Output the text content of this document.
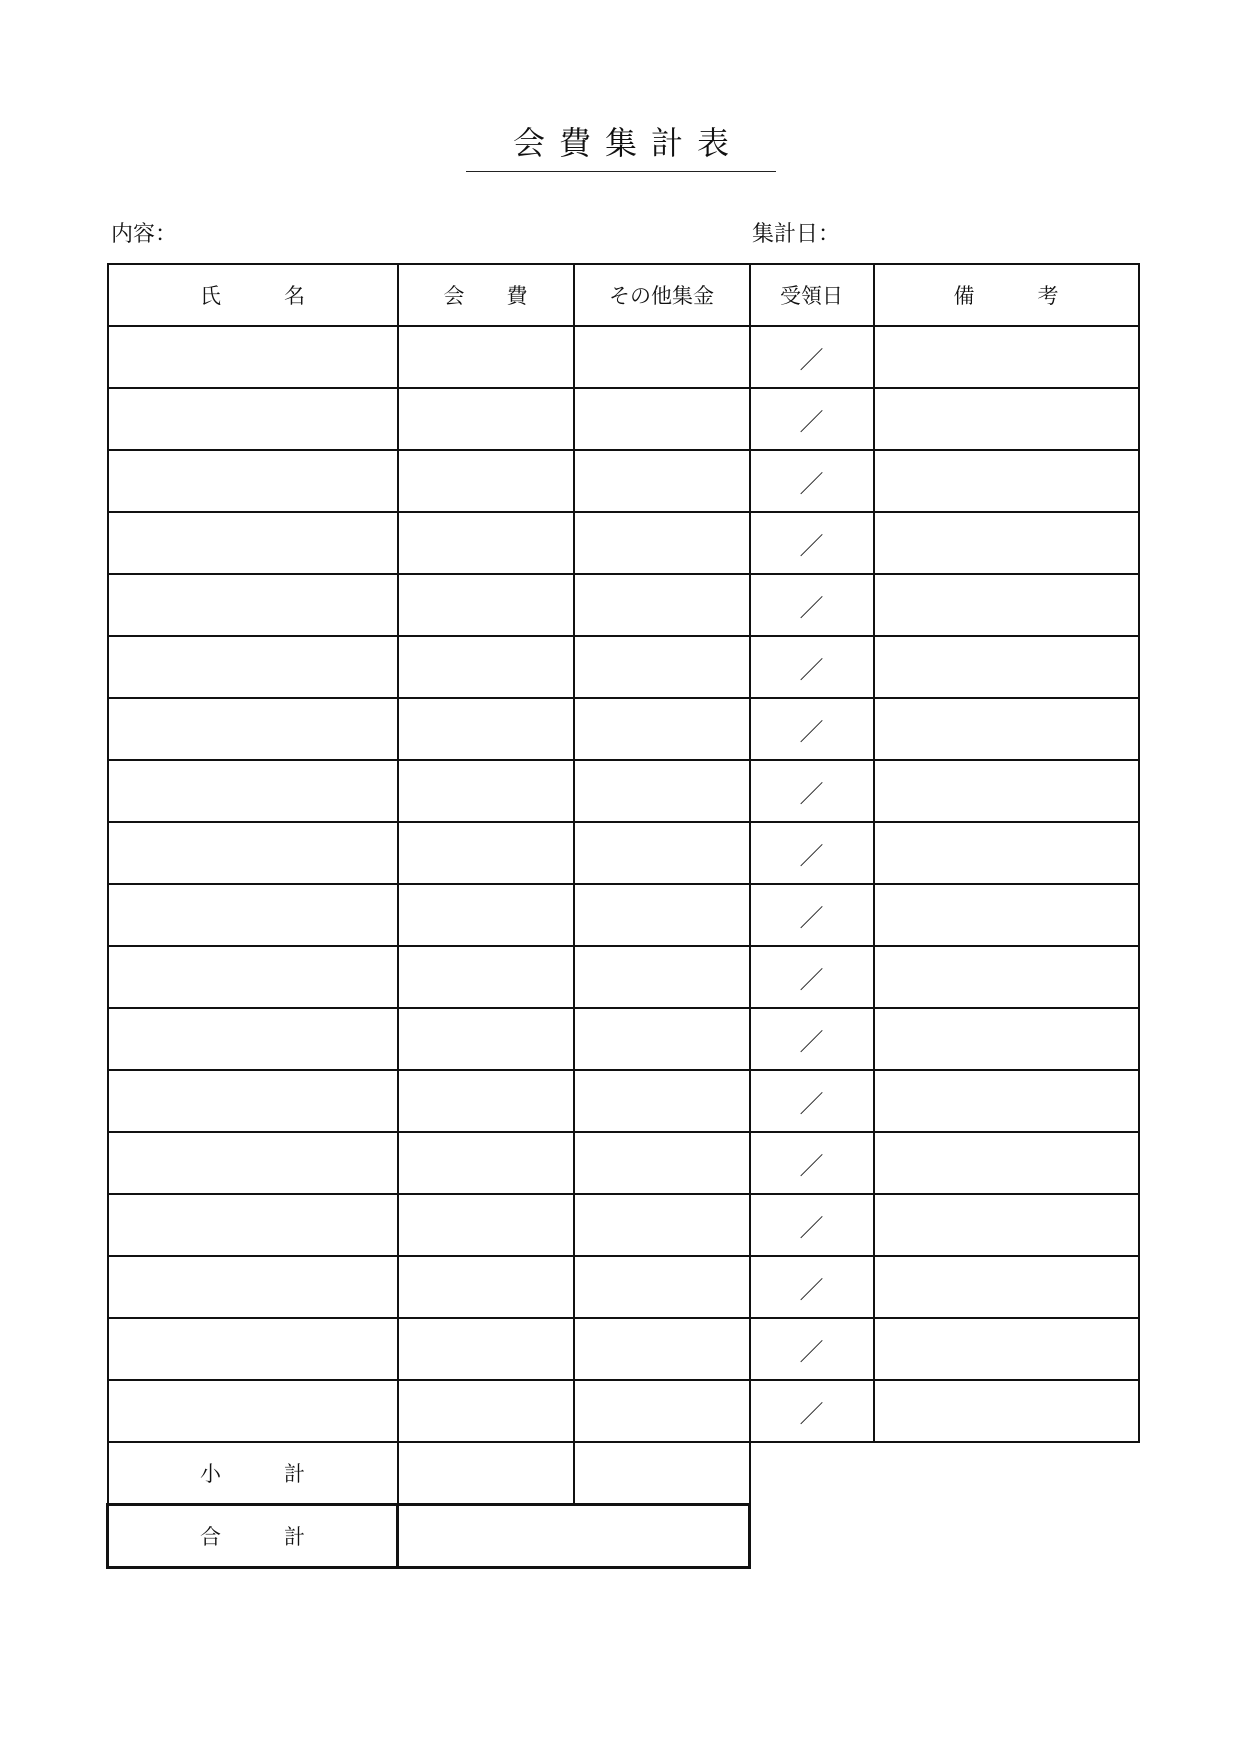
会費集計表
内容：	集計日：
氏　　　名	会　　費	その他集金	受領日	備　　　考
			／	
			／	
			／	
			／	
			／	
			／	
			／	
			／	
			／	
			／	
			／	
			／	
			／	
			／	
			／	
			／	
			／	
			／	
小　　　計				
合　　　計				
